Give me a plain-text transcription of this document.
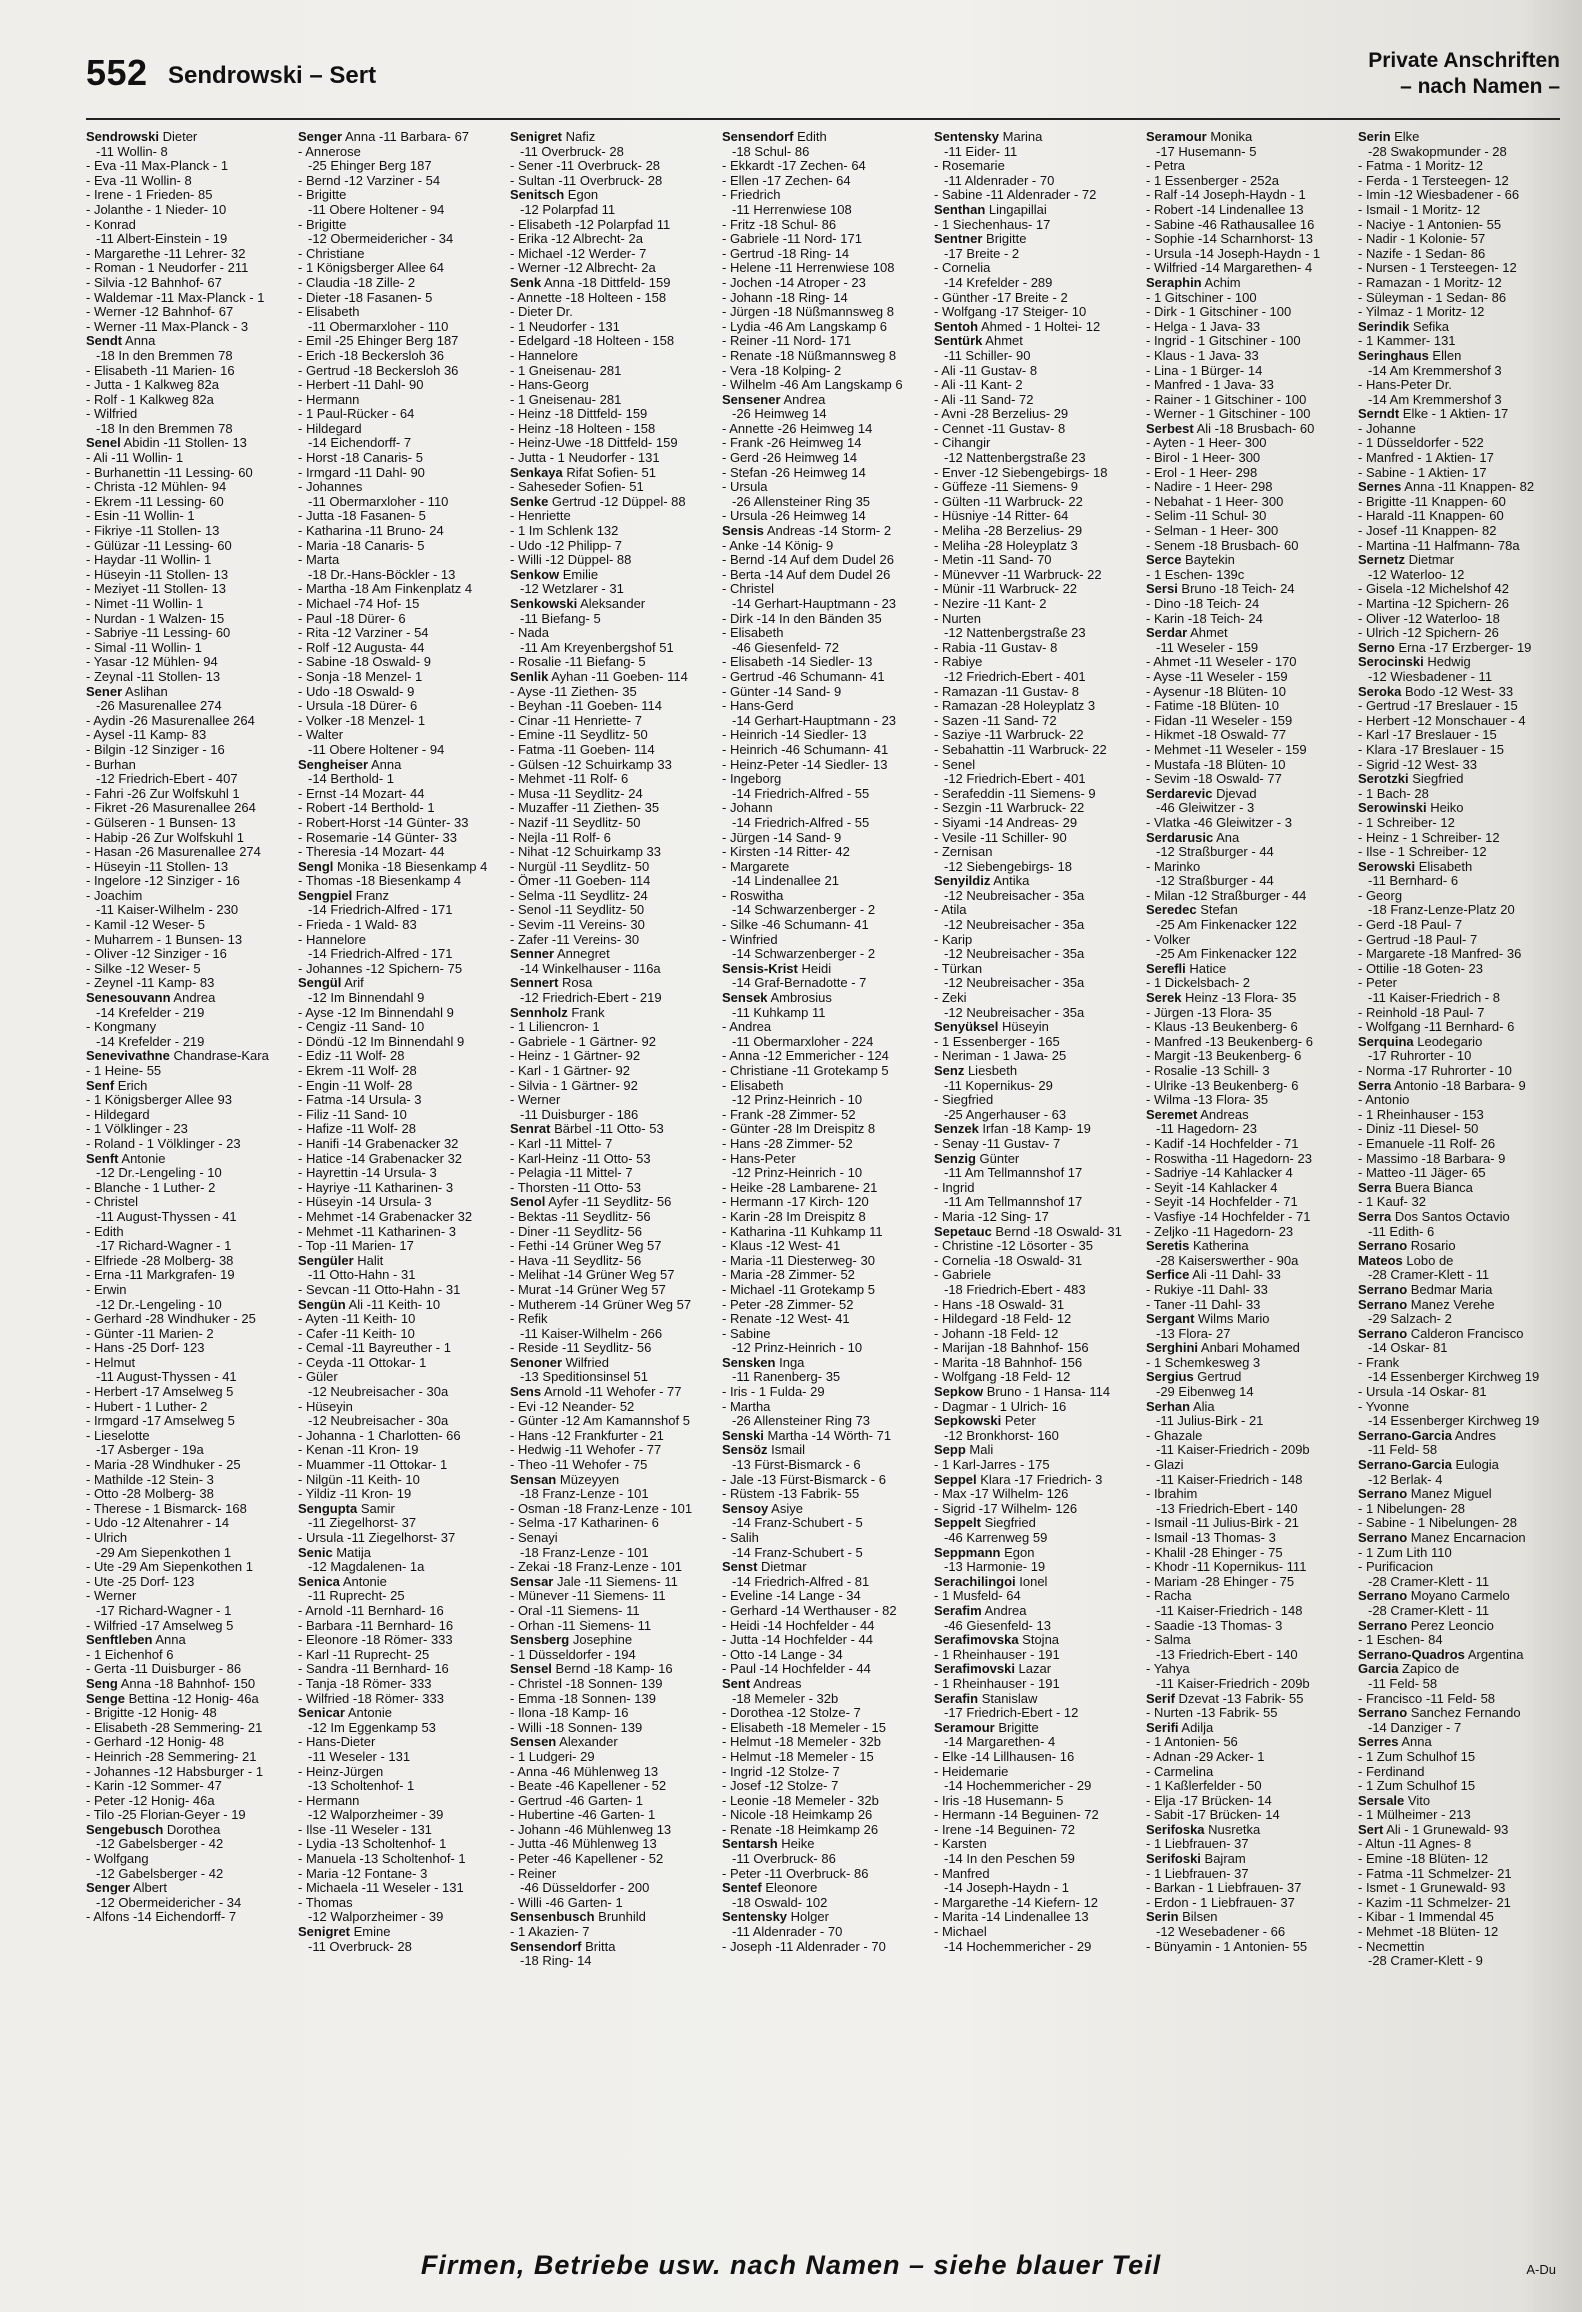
552 Sendrowski – Sert
Private Anschriften
– nach Namen –
Sendrowski Dieter
-11 Wollin- 8
- Eva -11 Max-Planck - 1
- Eva -11 Wollin- 8
- Irene - 1 Frieden- 85
- Jolanthe - 1 Nieder- 10
- Konrad
-11 Albert-Einstein - 19
- Margarethe -11 Lehrer- 32
- Roman - 1 Neudorfer - 211
- Silvia -12 Bahnhof- 67
- Waldemar -11 Max-Planck - 1
- Werner -12 Bahnhof- 67
- Werner -11 Max-Planck - 3
Sendt Anna
-18 In den Bremmen 78
- Elisabeth -11 Marien- 16
- Jutta - 1 Kalkweg 82a
- Rolf - 1 Kalkweg 82a
- Wilfried
-18 In den Bremmen 78
Senel Abidin -11 Stollen- 13
- Ali -11 Wollin- 1
- Burhanettin -11 Lessing- 60
- Christa -12 Mühlen- 94
- Ekrem -11 Lessing- 60
- Esin -11 Wollin- 1
- Fikriye -11 Stollen- 13
- Gülüzar -11 Lessing- 60
- Haydar -11 Wollin- 1
- Hüseyin -11 Stollen- 13
- Meziyet -11 Stollen- 13
- Nimet -11 Wollin- 1
- Nurdan - 1 Walzen- 15
- Sabriye -11 Lessing- 60
- Simal -11 Wollin- 1
- Yasar -12 Mühlen- 94
- Zeynal -11 Stollen- 13
Sener Aslihan
-26 Masurenallee 274
- Aydin -26 Masurenallee 264
- Aysel -11 Kamp- 83
- Bilgin -12 Sinziger - 16
- Burhan
-12 Friedrich-Ebert - 407
- Fahri -26 Zur Wolfskuhl 1
- Fikret -26 Masurenallee 264
- Gülseren - 1 Bunsen- 13
- Habip -26 Zur Wolfskuhl 1
- Hasan -26 Masurenallee 274
- Hüseyin -11 Stollen- 13
- Ingelore -12 Sinziger - 16
- Joachim
-11 Kaiser-Wilhelm - 230
- Kamil -12 Weser- 5
- Muharrem - 1 Bunsen- 13
- Oliver -12 Sinziger - 16
- Silke -12 Weser- 5
- Zeynel -11 Kamp- 83
Senesouvann Andrea
-14 Krefelder - 219
- Kongmany
-14 Krefelder - 219
Senevivathne Chandrase-Kara
- 1 Heine- 55
Senf Erich
- 1 Königsberger Allee 93
- Hildegard
- 1 Völklinger - 23
- Roland - 1 Völklinger - 23
Senft Antonie
-12 Dr.-Lengeling - 10
- Blanche - 1 Luther- 2
- Christel
-11 August-Thyssen - 41
- Edith
-17 Richard-Wagner - 1
- Elfriede -28 Molberg- 38
- Erna -11 Markgrafen- 19
- Erwin
-12 Dr.-Lengeling - 10
- Gerhard -28 Windhuker - 25
- Günter -11 Marien- 2
- Hans -25 Dorf- 123
- Helmut
-11 August-Thyssen - 41
- Herbert -17 Amselweg 5
- Hubert - 1 Luther- 2
- Irmgard -17 Amselweg 5
- Lieselotte
-17 Asberger - 19a
- Maria -28 Windhuker - 25
- Mathilde -12 Stein- 3
- Otto -28 Molberg- 38
- Therese - 1 Bismarck- 168
- Udo -12 Altenahrer - 14
- Ulrich
-29 Am Siepenkothen 1
- Ute -29 Am Siepenkothen 1
- Ute -25 Dorf- 123
- Werner
-17 Richard-Wagner - 1
- Wilfried -17 Amselweg 5
Senftleben Anna
- 1 Eichenhof 6
- Gerta -11 Duisburger - 86
Seng Anna -18 Bahnhof- 150
Senge Bettina -12 Honig- 46a
- Brigitte -12 Honig- 48
- Elisabeth -28 Semmering- 21
- Gerhard -12 Honig- 48
- Heinrich -28 Semmering- 21
- Johannes -12 Habsburger - 1
- Karin -12 Sommer- 47
- Peter -12 Honig- 46a
- Tilo -25 Florian-Geyer - 19
Sengebusch Dorothea
-12 Gabelsberger - 42
- Wolfgang
-12 Gabelsberger - 42
Senger Albert
-12 Obermeidericher - 34
- Alfons -14 Eichendorff- 7
Senger Anna -11 Barbara- 67
- Annerose
-25 Ehinger Berg 187
- Bernd -12 Varziner - 54
- Brigitte
-11 Obere Holtener - 94
- Brigitte
-12 Obermeidericher - 34
- Christiane
- 1 Königsberger Allee 64
- Claudia -18 Zille- 2
- Dieter -18 Fasanen- 5
- Elisabeth
-11 Obermarxloher - 110
- Emil -25 Ehinger Berg 187
- Erich -18 Beckersloh 36
- Gertrud -18 Beckersloh 36
- Herbert -11 Dahl- 90
- Hermann
- 1 Paul-Rücker - 64
- Hildegard
-14 Eichendorff- 7
- Horst -18 Canaris- 5
- Irmgard -11 Dahl- 90
- Johannes
-11 Obermarxloher - 110
- Jutta -18 Fasanen- 5
- Katharina -11 Bruno- 24
- Maria -18 Canaris- 5
- Marta
-18 Dr.-Hans-Böckler - 13
- Martha -18 Am Finkenplatz 4
- Michael -74 Hof- 15
- Paul -18 Dürer- 6
- Rita -12 Varziner - 54
- Rolf -12 Augusta- 44
- Sabine -18 Oswald- 9
- Sonja -18 Menzel- 1
- Udo -18 Oswald- 9
- Ursula -18 Dürer- 6
- Volker -18 Menzel- 1
- Walter
-11 Obere Holtener - 94
Sengheiser Anna
-14 Berthold- 1
- Ernst -14 Mozart- 44
- Robert -14 Berthold- 1
- Robert-Horst -14 Günter- 33
- Rosemarie -14 Günter- 33
- Theresia -14 Mozart- 44
Sengl Monika -18 Biesenkamp 4
- Thomas -18 Biesenkamp 4
Sengpiel Franz
-14 Friedrich-Alfred - 171
- Frieda - 1 Wald- 83
- Hannelore
-14 Friedrich-Alfred - 171
- Johannes -12 Spichern- 75
Sengül Arif
-12 Im Binnendahl 9
- Ayse -12 Im Binnendahl 9
- Cengiz -11 Sand- 10
- Döndü -12 Im Binnendahl 9
- Ediz -11 Wolf- 28
- Ekrem -11 Wolf- 28
- Engin -11 Wolf- 28
- Fatma -14 Ursula- 3
- Filiz -11 Sand- 10
- Hafize -11 Wolf- 28
- Hanifi -14 Grabenacker 32
- Hatice -14 Grabenacker 32
- Hayrettin -14 Ursula- 3
- Hayriye -11 Katharinen- 3
- Hüseyin -14 Ursula- 3
- Mehmet -14 Grabenacker 32
- Mehmet -11 Katharinen- 3
- Top -11 Marien- 17
Sengüler Halit
-11 Otto-Hahn - 31
- Sevcan -11 Otto-Hahn - 31
Sengün Ali -11 Keith- 10
- Ayten -11 Keith- 10
- Cafer -11 Keith- 10
- Cemal -11 Bayreuther - 1
- Ceyda -11 Ottokar- 1
- Güler
-12 Neubreisacher - 30a
- Hüseyin
-12 Neubreisacher - 30a
- Johanna - 1 Charlotten- 66
- Kenan -11 Kron- 19
- Muammer -11 Ottokar- 1
- Nilgün -11 Keith- 10
- Yildiz -11 Kron- 19
Sengupta Samir
-11 Ziegelhorst- 37
- Ursula -11 Ziegelhorst- 37
Senic Matija
-12 Magdalenen- 1a
Senica Antonie
-11 Ruprecht- 25
- Arnold -11 Bernhard- 16
- Barbara -11 Bernhard- 16
- Eleonore -18 Römer- 333
- Karl -11 Ruprecht- 25
- Sandra -11 Bernhard- 16
- Tanja -18 Römer- 333
- Wilfried -18 Römer- 333
Senicar Antonie
-12 Im Eggenkamp 53
- Hans-Dieter
-11 Weseler - 131
- Heinz-Jürgen
-13 Scholtenhof- 1
- Hermann
-12 Walporzheimer - 39
- Ilse -11 Weseler - 131
- Lydia -13 Scholtenhof- 1
- Manuela -13 Scholtenhof- 1
- Maria -12 Fontane- 3
- Michaela -11 Weseler - 131
- Thomas
-12 Walporzheimer - 39
Senigret Emine
-11 Overbruck- 28
Senigret Nafiz
-11 Overbruck- 28
- Sener -11 Overbruck- 28
- Sultan -11 Overbruck- 28
Senitsch Egon
-12 Polarpfad 11
- Elisabeth -12 Polarpfad 11
- Erika -12 Albrecht- 2a
- Michael -12 Werder- 7
- Werner -12 Albrecht- 2a
Senk Anna -18 Dittfeld- 159
- Annette -18 Holteen - 158
- Dieter Dr.
- 1 Neudorfer - 131
- Edelgard -18 Holteen - 158
- Hannelore
- 1 Gneisenau- 281
- Hans-Georg
- 1 Gneisenau- 281
- Heinz -18 Dittfeld- 159
- Heinz -18 Holteen - 158
- Heinz-Uwe -18 Dittfeld- 159
- Jutta - 1 Neudorfer - 131
Senkaya Rifat Sofien- 51
- Saheseder Sofien- 51
Senke Gertrud -12 Düppel- 88
- Henriette
- 1 Im Schlenk 132
- Udo -12 Philipp- 7
- Willi -12 Düppel- 88
Senkow Emilie
-12 Wetzlarer - 31
Senkowski Aleksander
-11 Biefang- 5
- Nada
-11 Am Kreyenbergshof 51
- Rosalie -11 Biefang- 5
Senlik Ayhan -11 Goeben- 114
- Ayse -11 Ziethen- 35
- Beyhan -11 Goeben- 114
- Cinar -11 Henriette- 7
- Emine -11 Seydlitz- 50
- Fatma -11 Goeben- 114
- Gülsen -12 Schuirkamp 33
- Mehmet -11 Rolf- 6
- Musa -11 Seydlitz- 24
- Muzaffer -11 Ziethen- 35
- Nazif -11 Seydlitz- 50
- Nejla -11 Rolf- 6
- Nihat -12 Schuirkamp 33
- Nurgül -11 Seydlitz- 50
- Ömer -11 Goeben- 114
- Selma -11 Seydlitz- 24
- Senol -11 Seydlitz- 50
- Sevim -11 Vereins- 30
- Zafer -11 Vereins- 30
Senner Annegret
-14 Winkelhauser - 116a
Sennert Rosa
-12 Friedrich-Ebert - 219
Sennholz Frank
- 1 Liliencron- 1
- Gabriele - 1 Gärtner- 92
- Heinz - 1 Gärtner- 92
- Karl - 1 Gärtner- 92
- Silvia - 1 Gärtner- 92
- Werner
-11 Duisburger - 186
Senrat Bärbel -11 Otto- 53
- Karl -11 Mittel- 7
- Karl-Heinz -11 Otto- 53
- Pelagia -11 Mittel- 7
- Thorsten -11 Otto- 53
Senol Ayfer -11 Seydlitz- 56
- Bektas -11 Seydlitz- 56
- Diner -11 Seydlitz- 56
- Fethi -14 Grüner Weg 57
- Hava -11 Seydlitz- 56
- Melihat -14 Grüner Weg 57
- Murat -14 Grüner Weg 57
- Mutherem -14 Grüner Weg 57
- Refik
-11 Kaiser-Wilhelm - 266
- Reside -11 Seydlitz- 56
Senoner Wilfried
-13 Speditionsinsel 51
Sens Arnold -11 Wehofer - 77
- Evi -12 Neander- 52
- Günter -12 Am Kamannshof 5
- Hans -12 Frankfurter - 21
- Hedwig -11 Wehofer - 77
- Theo -11 Wehofer - 75
Sensan Müzeyyen
-18 Franz-Lenze - 101
- Osman -18 Franz-Lenze - 101
- Selma -17 Katharinen- 6
- Senayi
-18 Franz-Lenze - 101
- Zekai -18 Franz-Lenze - 101
Sensar Jale -11 Siemens- 11
- Münever -11 Siemens- 11
- Oral -11 Siemens- 11
- Orhan -11 Siemens- 11
Sensberg Josephine
- 1 Düsseldorfer - 194
Sensel Bernd -18 Kamp- 16
- Christel -18 Sonnen- 139
- Emma -18 Sonnen- 139
- Ilona -18 Kamp- 16
- Willi -18 Sonnen- 139
Sensen Alexander
- 1 Ludgeri- 29
- Anna -46 Mühlenweg 13
- Beate -46 Kapellener - 52
- Gertrud -46 Garten- 1
- Hubertine -46 Garten- 1
- Johann -46 Mühlenweg 13
- Jutta -46 Mühlenweg 13
- Peter -46 Kapellener - 52
- Reiner
-46 Düsseldorfer - 200
- Willi -46 Garten- 1
Sensenbusch Brunhild
- 1 Akazien- 7
Sensendorf Britta
-18 Ring- 14
Sensendorf Edith
-18 Schul- 86
- Ekkardt -17 Zechen- 64
- Ellen -17 Zechen- 64
- Friedrich
-11 Herrenwiese 108
- Fritz -18 Schul- 86
- Gabriele -11 Nord- 171
- Gertrud -18 Ring- 14
- Helene -11 Herrenwiese 108
- Jochen -14 Atroper - 23
- Johann -18 Ring- 14
- Jürgen -18 Nüßmannsweg 8
- Lydia -46 Am Langskamp 6
- Reiner -11 Nord- 171
- Renate -18 Nüßmannsweg 8
- Vera -18 Kolping- 2
- Wilhelm -46 Am Langskamp 6
Sensener Andrea
-26 Heimweg 14
- Annette -26 Heimweg 14
- Frank -26 Heimweg 14
- Gerd -26 Heimweg 14
- Stefan -26 Heimweg 14
- Ursula
-26 Allensteiner Ring 35
- Ursula -26 Heimweg 14
Sensis Andreas -14 Storm- 2
- Anke -14 König- 9
- Bernd -14 Auf dem Dudel 26
- Berta -14 Auf dem Dudel 26
- Christel
-14 Gerhart-Hauptmann - 23
- Dirk -14 In den Bänden 35
- Elisabeth
-46 Giesenfeld- 72
- Elisabeth -14 Siedler- 13
- Gertrud -46 Schumann- 41
- Günter -14 Sand- 9
- Hans-Gerd
-14 Gerhart-Hauptmann - 23
- Heinrich -14 Siedler- 13
- Heinrich -46 Schumann- 41
- Heinz-Peter -14 Siedler- 13
- Ingeborg
-14 Friedrich-Alfred - 55
- Johann
-14 Friedrich-Alfred - 55
- Jürgen -14 Sand- 9
- Kirsten -14 Ritter- 42
- Margarete
-14 Lindenallee 21
- Roswitha
-14 Schwarzenberger - 2
- Silke -46 Schumann- 41
- Winfried
-14 Schwarzenberger - 2
Sensis-Krist Heidi
-14 Graf-Bernadotte - 7
Sensek Ambrosius
-11 Kuhkamp 11
- Andrea
-11 Obermarxloher - 224
- Anna -12 Emmericher - 124
- Christiane -11 Grotekamp 5
- Elisabeth
-12 Prinz-Heinrich - 10
- Frank -28 Zimmer- 52
- Günter -28 Im Dreispitz 8
- Hans -28 Zimmer- 52
- Hans-Peter
-12 Prinz-Heinrich - 10
- Heike -28 Lambarene- 21
- Hermann -17 Kirch- 120
- Karin -28 Im Dreispitz 8
- Katharina -11 Kuhkamp 11
- Klaus -12 West- 41
- Maria -11 Diesterweg- 30
- Maria -28 Zimmer- 52
- Michael -11 Grotekamp 5
- Peter -28 Zimmer- 52
- Renate -12 West- 41
- Sabine
-12 Prinz-Heinrich - 10
Sensken Inga
-11 Ranenberg- 35
- Iris - 1 Fulda- 29
- Martha
-26 Allensteiner Ring 73
Senski Martha -14 Wörth- 71
Sensöz Ismail
-13 Fürst-Bismarck - 6
- Jale -13 Fürst-Bismarck - 6
- Rüstem -13 Fabrik- 55
Sensoy Asiye
-14 Franz-Schubert - 5
- Salih
-14 Franz-Schubert - 5
Senst Dietmar
-14 Friedrich-Alfred - 81
- Eveline -14 Lange - 34
- Gerhard -14 Werthauser - 82
- Heidi -14 Hochfelder - 44
- Jutta -14 Hochfelder - 44
- Otto -14 Lange - 34
- Paul -14 Hochfelder - 44
Sent Andreas
-18 Memeler - 32b
- Dorothea -12 Stolze- 7
- Elisabeth -18 Memeler - 15
- Helmut -18 Memeler - 32b
- Helmut -18 Memeler - 15
- Ingrid -12 Stolze- 7
- Josef -12 Stolze- 7
- Leonie -18 Memeler - 32b
- Nicole -18 Heimkamp 26
- Renate -18 Heimkamp 26
Sentarsh Heike
-11 Overbruck- 86
- Peter -11 Overbruck- 86
Sentef Eleonore
-18 Oswald- 102
Sentensky Holger
-11 Aldenrader - 70
- Joseph -11 Aldenrader - 70
Sentensky Marina
-11 Eider- 11
- Rosemarie
-11 Aldenrader - 70
- Sabine -11 Aldenrader - 72
Senthan Lingapillai
- 1 Siechenhaus- 17
Sentner Brigitte
-17 Breite - 2
- Cornelia
-14 Krefelder - 289
- Günther -17 Breite - 2
- Wolfgang -17 Steiger- 10
Sentoh Ahmed - 1 Holtei- 12
Sentürk Ahmet
-11 Schiller- 90
- Ali -11 Gustav- 8
- Ali -11 Kant- 2
- Ali -11 Sand- 72
- Avni -28 Berzelius- 29
- Cennet -11 Gustav- 8
- Cihangir
-12 Nattenbergstraße 23
- Enver -12 Siebengebirgs- 18
- Güffeze -11 Siemens- 9
- Gülten -11 Warbruck- 22
- Hüsniye -14 Ritter- 64
- Meliha -28 Berzelius- 29
- Meliha -28 Holeyplatz 3
- Metin -11 Sand- 70
- Münevver -11 Warbruck- 22
- Münir -11 Warbruck- 22
- Nezire -11 Kant- 2
- Nurten
-12 Nattenbergstraße 23
- Rabia -11 Gustav- 8
- Rabiye
-12 Friedrich-Ebert - 401
- Ramazan -11 Gustav- 8
- Ramazan -28 Holeyplatz 3
- Sazen -11 Sand- 72
- Saziye -11 Warbruck- 22
- Sebahattin -11 Warbruck- 22
- Senel
-12 Friedrich-Ebert - 401
- Serafeddin -11 Siemens- 9
- Sezgin -11 Warbruck- 22
- Siyami -14 Andreas- 29
- Vesile -11 Schiller- 90
- Zernisan
-12 Siebengebirgs- 18
Senyildiz Antika
-12 Neubreisacher - 35a
- Atila
-12 Neubreisacher - 35a
- Karip
-12 Neubreisacher - 35a
- Türkan
-12 Neubreisacher - 35a
- Zeki
-12 Neubreisacher - 35a
Senyüksel Hüseyin
- 1 Essenberger - 165
- Neriman - 1 Jawa- 25
Senz Liesbeth
-11 Kopernikus- 29
- Siegfried
-25 Angerhauser - 63
Senzek Irfan -18 Kamp- 19
- Senay -11 Gustav- 7
Senzig Günter
-11 Am Tellmannshof 17
- Ingrid
-11 Am Tellmannshof 17
- Maria -12 Sing- 17
Sepetauc Bernd -18 Oswald- 31
- Christine -12 Lösorter - 35
- Cornelia -18 Oswald- 31
- Gabriele
-18 Friedrich-Ebert - 483
- Hans -18 Oswald- 31
- Hildegard -18 Feld- 12
- Johann -18 Feld- 12
- Marijan -18 Bahnhof- 156
- Marita -18 Bahnhof- 156
- Wolfgang -18 Feld- 12
Sepkow Bruno - 1 Hansa- 114
- Dagmar - 1 Ulrich- 16
Sepkowski Peter
-12 Bronkhorst- 160
Sepp Mali
- 1 Karl-Jarres - 175
Seppel Klara -17 Friedrich- 3
- Max -17 Wilhelm- 126
- Sigrid -17 Wilhelm- 126
Seppelt Siegfried
-46 Karrenweg 59
Seppmann Egon
-13 Harmonie- 19
Serachilingoi Ionel
- 1 Musfeld- 64
Serafim Andrea
-46 Giesenfeld- 13
Serafimovska Stojna
- 1 Rheinhauser - 191
Serafimovski Lazar
- 1 Rheinhauser - 191
Serafin Stanislaw
-17 Friedrich-Ebert - 12
Seramour Brigitte
-14 Margarethen- 4
- Elke -14 Lillhausen- 16
- Heidemarie
-14 Hochemmericher - 29
- Iris -18 Husemann- 5
- Hermann -14 Beguinen- 72
- Irene -14 Beguinen- 72
- Karsten
-14 In den Peschen 59
- Manfred
-14 Joseph-Haydn - 1
- Margarethe -14 Kiefern- 12
- Marita -14 Lindenallee 13
- Michael
-14 Hochemmericher - 29
Seramour Monika
-17 Husemann- 5
- Petra
- 1 Essenberger - 252a
- Ralf -14 Joseph-Haydn - 1
- Robert -14 Lindenallee 13
- Sabine -46 Rathausallee 16
- Sophie -14 Scharnhorst- 13
- Ursula -14 Joseph-Haydn - 1
- Wilfried -14 Margarethen- 4
Seraphin Achim
- 1 Gitschiner - 100
- Dirk - 1 Gitschiner - 100
- Helga - 1 Java- 33
- Ingrid - 1 Gitschiner - 100
- Klaus - 1 Java- 33
- Lina - 1 Bürger- 14
- Manfred - 1 Java- 33
- Rainer - 1 Gitschiner - 100
- Werner - 1 Gitschiner - 100
Serbest Ali -18 Brusbach- 60
- Ayten - 1 Heer- 300
- Birol - 1 Heer- 300
- Erol - 1 Heer- 298
- Nadire - 1 Heer- 298
- Nebahat - 1 Heer- 300
- Selim -11 Schul- 30
- Selman - 1 Heer- 300
- Senem -18 Brusbach- 60
Serce Baytekin
- 1 Eschen- 139c
Sersi Bruno -18 Teich- 24
- Dino -18 Teich- 24
- Karin -18 Teich- 24
Serdar Ahmet
-11 Weseler - 159
- Ahmet -11 Weseler - 170
- Ayse -11 Weseler - 159
- Aysenur -18 Blüten- 10
- Fatime -18 Blüten- 10
- Fidan -11 Weseler - 159
- Hikmet -18 Oswald- 77
- Mehmet -11 Weseler - 159
- Mustafa -18 Blüten- 10
- Sevim -18 Oswald- 77
Serdarevic Djevad
-46 Gleiwitzer - 3
- Vlatka -46 Gleiwitzer - 3
Serdarusic Ana
-12 Straßburger - 44
- Marinko
-12 Straßburger - 44
- Milan -12 Straßburger - 44
Seredec Stefan
-25 Am Finkenacker 122
- Volker
-25 Am Finkenacker 122
Serefli Hatice
- 1 Dickelsbach- 2
Serek Heinz -13 Flora- 35
- Jürgen -13 Flora- 35
- Klaus -13 Beukenberg- 6
- Manfred -13 Beukenberg- 6
- Margit -13 Beukenberg- 6
- Rosalie -13 Schill- 3
- Ulrike -13 Beukenberg- 6
- Wilma -13 Flora- 35
Seremet Andreas
-11 Hagedorn- 23
- Kadif -14 Hochfelder - 71
- Roswitha -11 Hagedorn- 23
- Sadriye -14 Kahlacker 4
- Seyit -14 Kahlacker 4
- Seyit -14 Hochfelder - 71
- Vasfiye -14 Hochfelder - 71
- Zeljko -11 Hagedorn- 23
Seretis Katherina
-28 Kaiserswerther - 90a
Serfice Ali -11 Dahl- 33
- Rukiye -11 Dahl- 33
- Taner -11 Dahl- 33
Sergant Wilms Mario
-13 Flora- 27
Serghini Anbari Mohamed
- 1 Schemkesweg 3
Sergius Gertrud
-29 Eibenweg 14
Serhan Alia
-11 Julius-Birk - 21
- Ghazale
-11 Kaiser-Friedrich - 209b
- Glazi
-11 Kaiser-Friedrich - 148
- Ibrahim
-13 Friedrich-Ebert - 140
- Ismail -11 Julius-Birk - 21
- Ismail -13 Thomas- 3
- Khalil -28 Ehinger - 75
- Khodr -11 Kopernikus- 111
- Mariam -28 Ehinger - 75
- Racha
-11 Kaiser-Friedrich - 148
- Saadie -13 Thomas- 3
- Salma
-13 Friedrich-Ebert - 140
- Yahya
-11 Kaiser-Friedrich - 209b
Serif Dzevat -13 Fabrik- 55
- Nurten -13 Fabrik- 55
Serifi Adilja
- 1 Antonien- 56
- Adnan -29 Acker- 1
- Carmelina
- 1 Kaßlerfelder - 50
- Elja -17 Brücken- 14
- Sabit -17 Brücken- 14
Serifoska Nusretka
- 1 Liebfrauen- 37
Serifoski Bajram
- 1 Liebfrauen- 37
- Barkan - 1 Liebfrauen- 37
- Erdon - 1 Liebfrauen- 37
Serin Bilsen
-12 Wesebadener - 66
- Bünyamin - 1 Antonien- 55
Serin Elke
-28 Swakopmunder - 28
- Fatma - 1 Moritz- 12
- Ferda - 1 Tersteegen- 12
- Imin -12 Wiesbadener - 66
- Ismail - 1 Moritz- 12
- Naciye - 1 Antonien- 55
- Nadir - 1 Kolonie- 57
- Nazife - 1 Sedan- 86
- Nursen - 1 Tersteegen- 12
- Ramazan - 1 Moritz- 12
- Süleyman - 1 Sedan- 86
- Yilmaz - 1 Moritz- 12
Serindik Sefika
- 1 Kammer- 131
Seringhaus Ellen
-14 Am Kremmershof 3
- Hans-Peter Dr.
-14 Am Kremmershof 3
Serndt Elke - 1 Aktien- 17
- Johanne
- 1 Düsseldorfer - 522
- Manfred - 1 Aktien- 17
- Sabine - 1 Aktien- 17
Sernes Anna -11 Knappen- 82
- Brigitte -11 Knappen- 60
- Harald -11 Knappen- 60
- Josef -11 Knappen- 82
- Martina -11 Halfmann- 78a
Sernetz Dietmar
-12 Waterloo- 12
- Gisela -12 Michelshof 42
- Martina -12 Spichern- 26
- Oliver -12 Waterloo- 18
- Ulrich -12 Spichern- 26
Serno Erna -17 Erzberger- 19
Serocinski Hedwig
-12 Wiesbadener - 11
Seroka Bodo -12 West- 33
- Gertrud -17 Breslauer - 15
- Herbert -12 Monschauer - 4
- Karl -17 Breslauer - 15
- Klara -17 Breslauer - 15
- Sigrid -12 West- 33
Serotzki Siegfried
- 1 Bach- 28
Serowinski Heiko
- 1 Schreiber- 12
- Heinz - 1 Schreiber- 12
- Ilse - 1 Schreiber- 12
Serowski Elisabeth
-11 Bernhard- 6
- Georg
-18 Franz-Lenze-Platz 20
- Gerd -18 Paul- 7
- Gertrud -18 Paul- 7
- Margarete -18 Manfred- 36
- Ottilie -18 Goten- 23
- Peter
-11 Kaiser-Friedrich - 8
- Reinhold -18 Paul- 7
- Wolfgang -11 Bernhard- 6
Serquina Leodegario
-17 Ruhrorter - 10
- Norma -17 Ruhrorter - 10
Serra Antonio -18 Barbara- 9
- Antonio
- 1 Rheinhauser - 153
- Diniz -11 Diesel- 50
- Emanuele -11 Rolf- 26
- Massimo -18 Barbara- 9
- Matteo -11 Jäger- 65
Serra Buera Bianca
- 1 Kauf- 32
Serra Dos Santos Octavio
-11 Edith- 6
Serrano Rosario
Mateos Lobo de
-28 Cramer-Klett - 11
Serrano Bedmar Maria
Serrano Manez Verehe
-29 Salzach- 2
Serrano Calderon Francisco
-14 Oskar- 81
- Frank
-14 Essenberger Kirchweg 19
- Ursula -14 Oskar- 81
- Yvonne
-14 Essenberger Kirchweg 19
Serrano-Garcia Andres
-11 Feld- 58
Serrano-Garcia Eulogia
-12 Berlak- 4
Serrano Manez Miguel
- 1 Nibelungen- 28
- Sabine - 1 Nibelungen- 28
Serrano Manez Encarnacion
- 1 Zum Lith 110
- Purificacion
-28 Cramer-Klett - 11
Serrano Moyano Carmelo
-28 Cramer-Klett - 11
Serrano Perez Leoncio
- 1 Eschen- 84
Serrano-Quadros Argentina
Garcia Zapico de
-11 Feld- 58
- Francisco -11 Feld- 58
Serrano Sanchez Fernando
-14 Danziger - 7
Serres Anna
- 1 Zum Schulhof 15
- Ferdinand
- 1 Zum Schulhof 15
Sersale Vito
- 1 Mülheimer - 213
Sert Ali - 1 Grunewald- 93
- Altun -11 Agnes- 8
- Emine -18 Blüten- 12
- Fatma -11 Schmelzer- 21
- Ismet - 1 Grunewald- 93
- Kazim -11 Schmelzer- 21
- Kibar - 1 Immendal 45
- Mehmet -18 Blüten- 12
- Necmettin
-28 Cramer-Klett - 9
Firmen, Betriebe usw. nach Namen – siehe blauer Teil	A-Du
